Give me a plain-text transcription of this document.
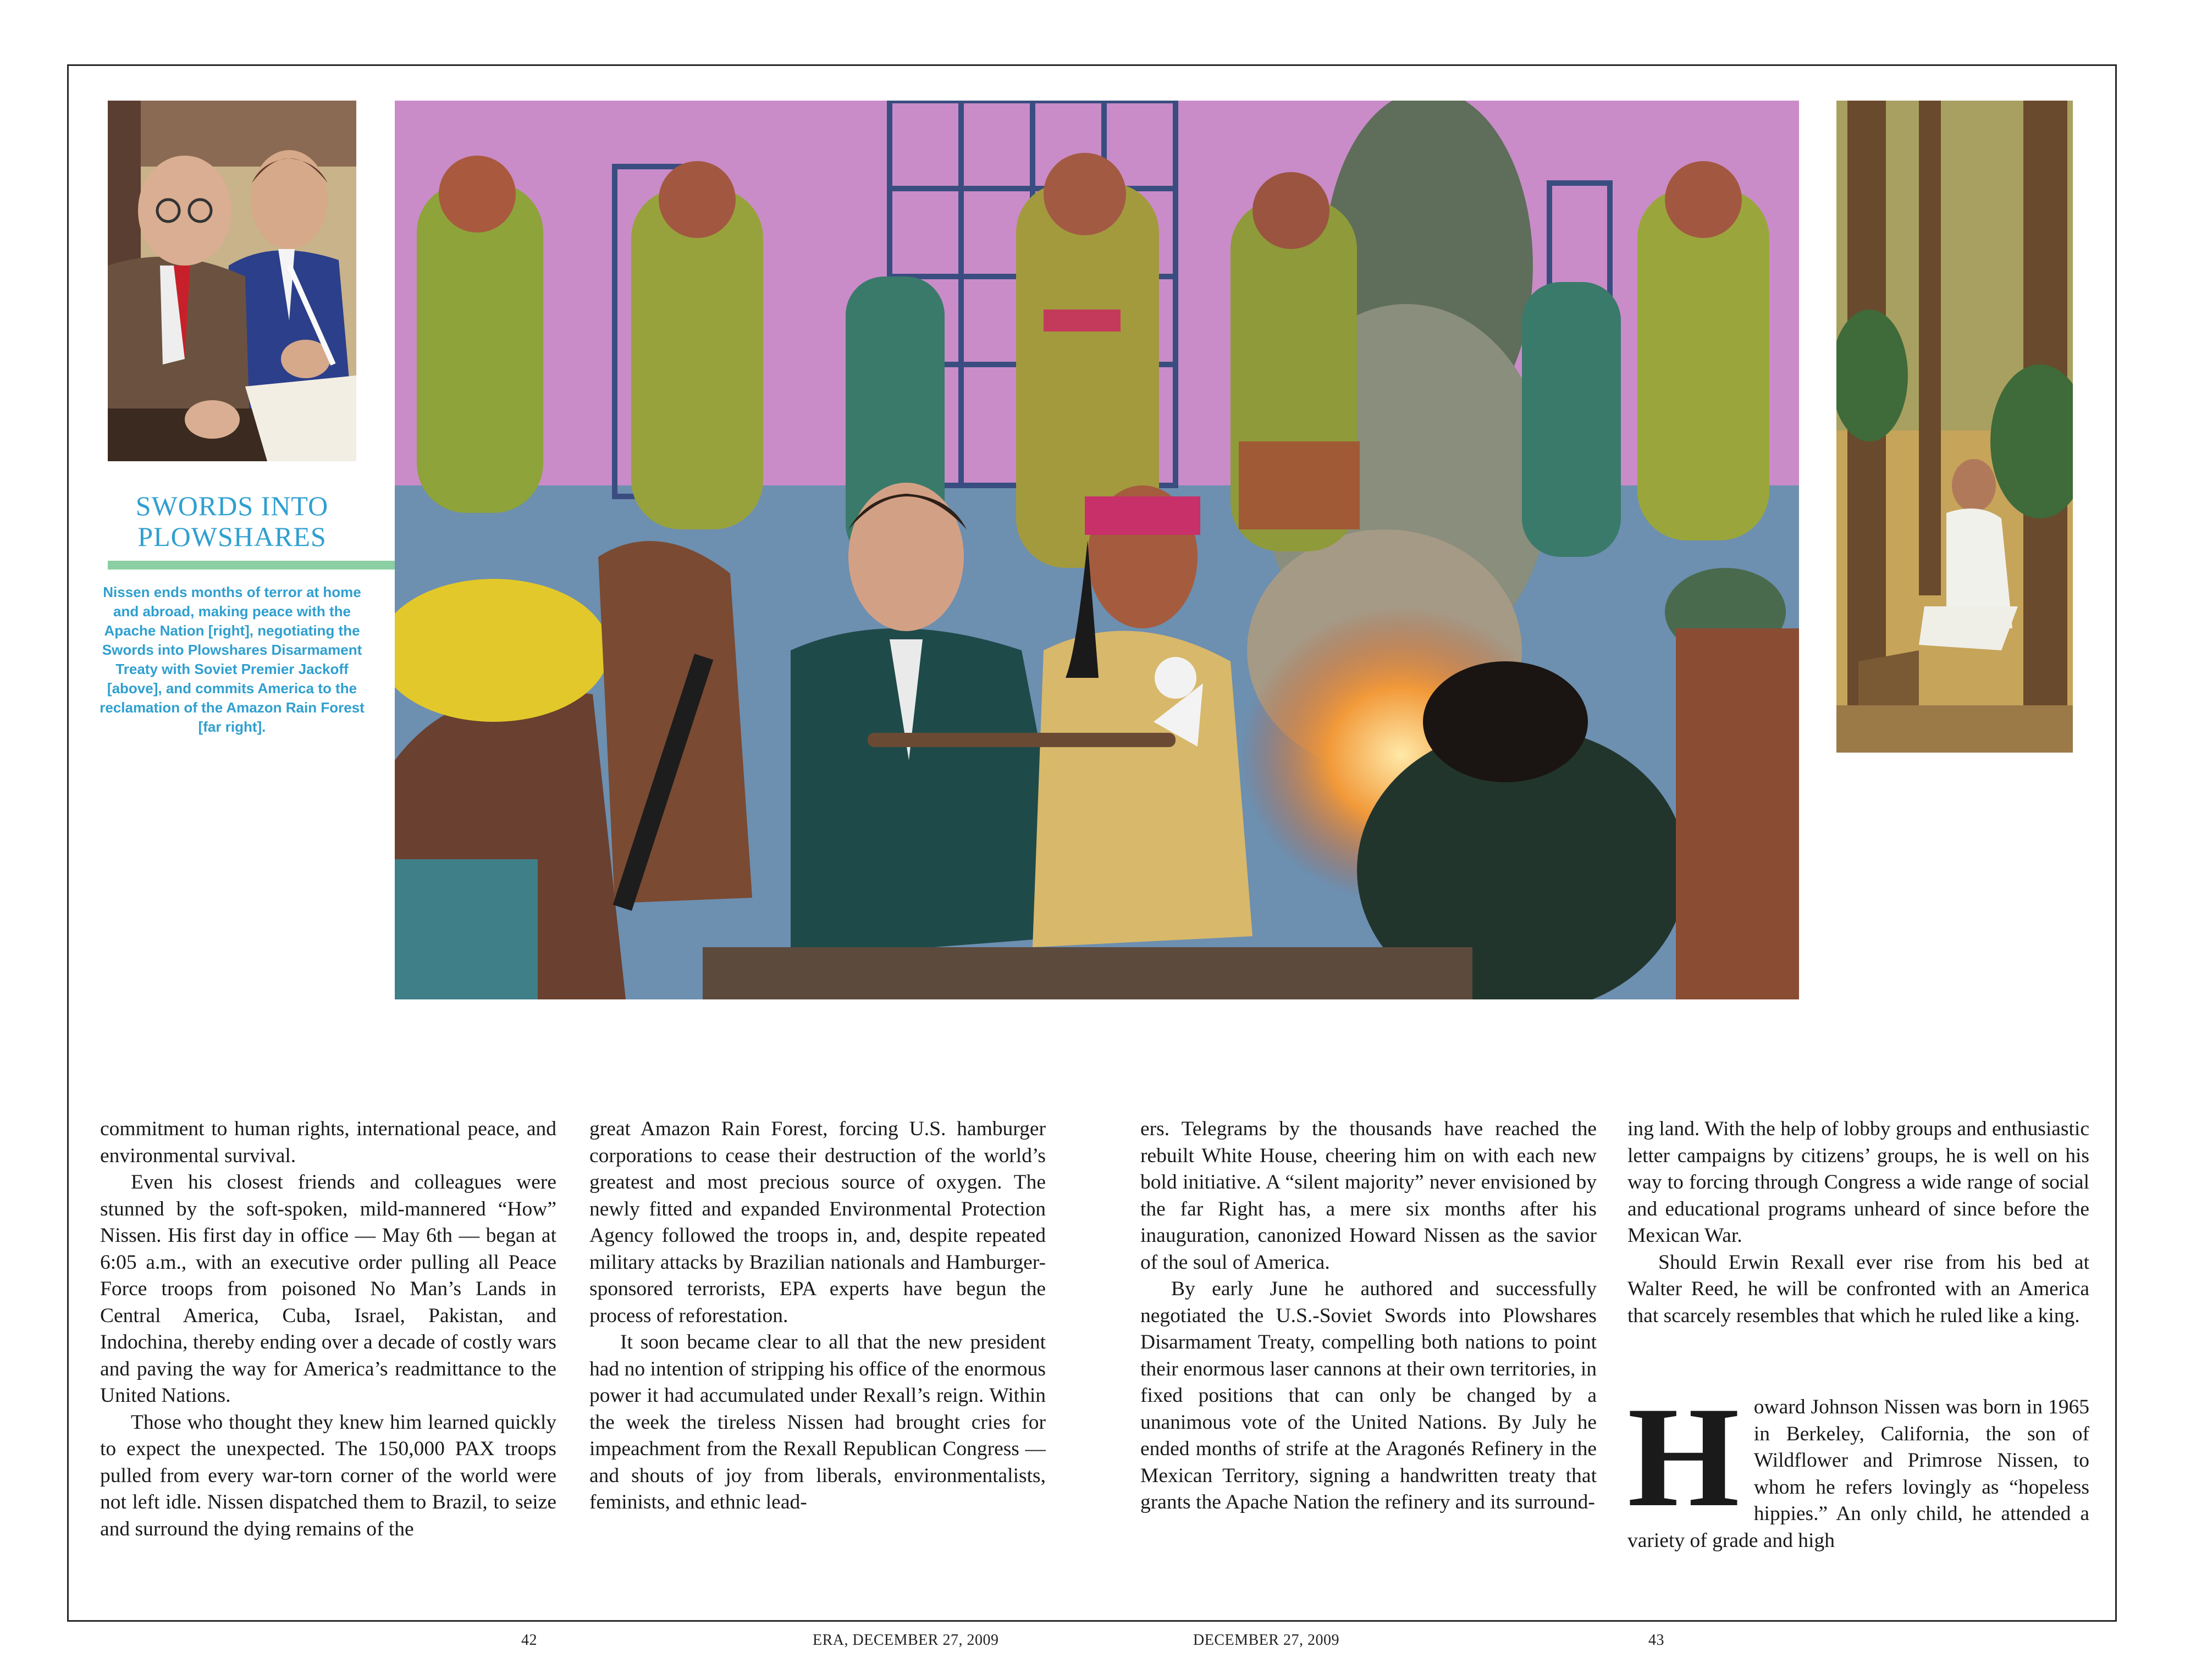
SWORDS INTO
PLOWSHARES
Nissen ends months of terror at home and abroad, making peace with the Apache Nation [right], negotiating the Swords into Plowshares Disarmament Treaty with Soviet Premier Jackoff [above], and commits America to the reclamation of the Amazon Rain Forest [far right].

commitment to human rights, international peace, and environmental survival.

Even his closest friends and colleagues were stunned by the soft-spoken, mild-mannered “How” Nissen. His first day in office — May 6th — began at 6:05 a.m., with an executive order pulling all Peace Force troops from poisoned No Man’s Lands in Central America, Cuba, Israel, Pakistan, and Indochina, thereby ending over a decade of costly wars and paving the way for America’s readmittance to the United Nations.

Those who thought they knew him learned quickly to expect the unexpected. The 150,000 PAX troops pulled from every war-torn corner of the world were not left idle. Nissen dispatched them to Brazil, to seize and surround the dying remains of the

great Amazon Rain Forest, forcing U.S. hamburger corporations to cease their destruction of the world’s greatest and most precious source of oxygen. The newly fitted and expanded Environmental Protection Agency followed the troops in, and, despite repeated military attacks by Brazilian nationals and Hamburger-sponsored terrorists, EPA experts have begun the process of reforestation.

It soon became clear to all that the new president had no intention of stripping his office of the enormous power it had accumulated under Rexall’s reign. Within the week the tireless Nissen had brought cries for impeachment from the Rexall Republican Congress — and shouts of joy from liberals, environmentalists, feminists, and ethnic lead-

ers. Telegrams by the thousands have reached the rebuilt White House, cheering him on with each new bold initiative. A “silent majority” never envisioned by the far Right has, a mere six months after his inauguration, canonized Howard Nissen as the savior of the soul of America.

By early June he authored and successfully negotiated the U.S.-Soviet Swords into Plowshares Disarmament Treaty, compelling both nations to point their enormous laser cannons at their own territories, in fixed positions that can only be changed by a unanimous vote of the United Nations. By July he ended months of strife at the Aragonés Refinery in the Mexican Territory, signing a handwritten treaty that grants the Apache Nation the refinery and its surround-

ing land. With the help of lobby groups and enthusiastic letter campaigns by citizens’ groups, he is well on his way to forcing through Congress a wide range of social and educational programs unheard of since before the Mexican War.

Should Erwin Rexall ever rise from his bed at Walter Reed, he will be confronted with an America that scarcely resembles that which he ruled like a king.

H oward Johnson Nissen was born in 1965 in Berkeley, California, the son of Wildflower and Primrose Nissen, to whom he refers lovingly as “hopeless hippies.” An only child, he attended a variety of grade and high

42	ERA, DECEMBER 27, 2009	DECEMBER 27, 2009	43
